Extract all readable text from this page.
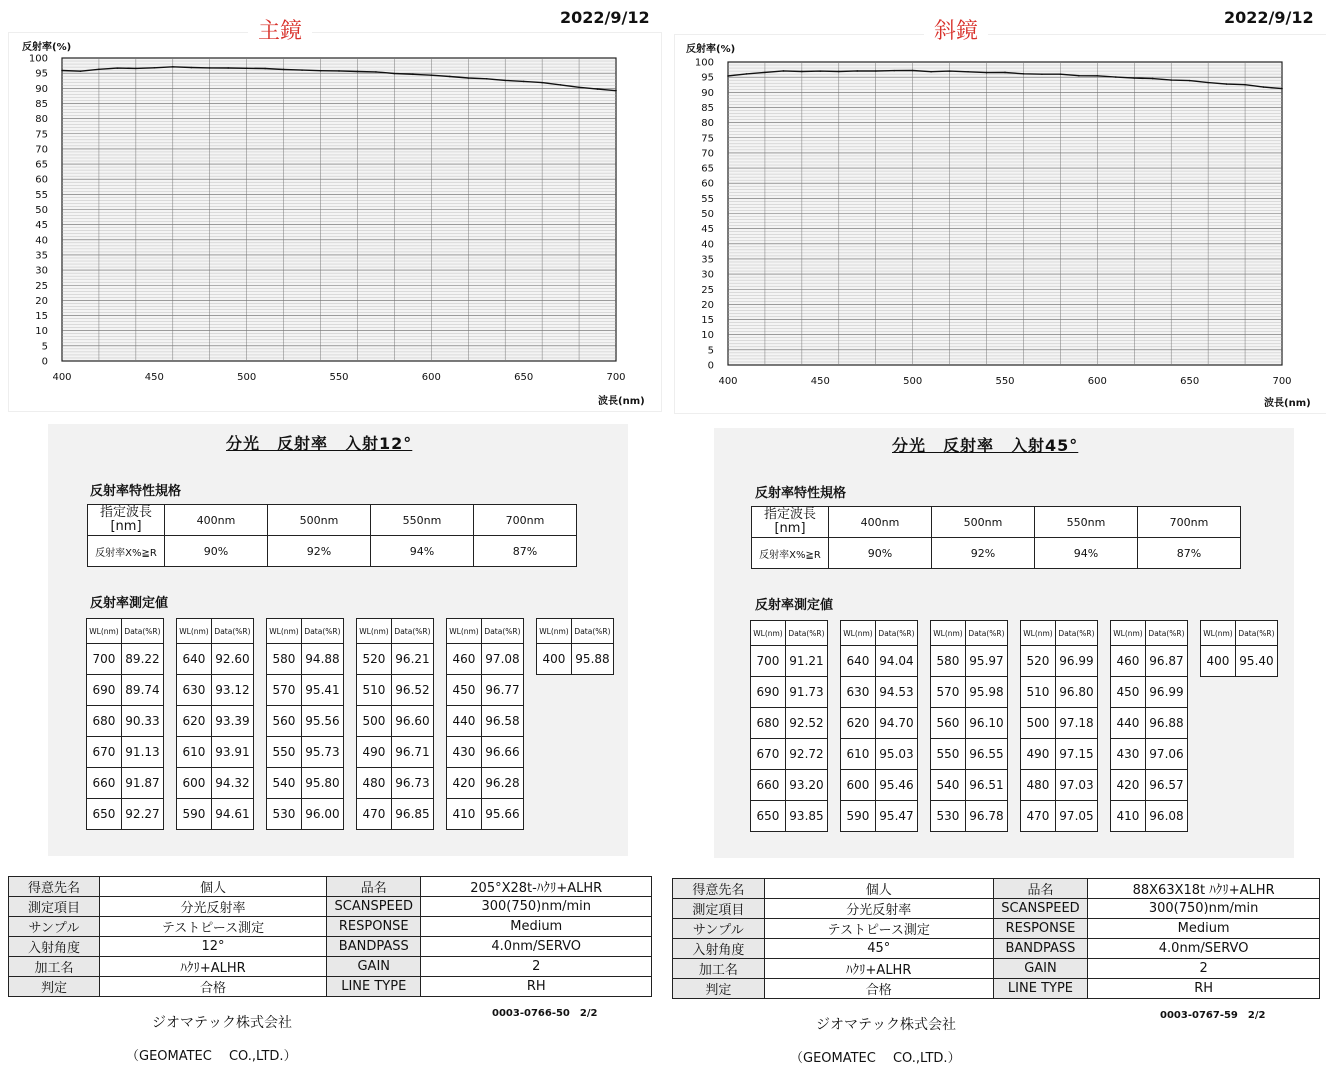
主鏡
2022/9/12
反射率(%)
0
5
10
15
20
25
30
35
40
45
50
55
60
65
70
75
80
85
90
95
100
400	450	500	550	600	650	700
波長(nm)
分光　反射率　入射12°
反射率特性規格
指定波長
[nm]	400nm	500nm	550nm	700nm
反射率X%≧R	90%	92%	94%	87%
反射率測定値
WL(nm)	Data(%R)
700	89.22
690	89.74
680	90.33
670	91.13
660	91.87
650	92.27
WL(nm)	Data(%R)
640	92.60
630	93.12
620	93.39
610	93.91
600	94.32
590	94.61
WL(nm)	Data(%R)
580	94.88
570	95.41
560	95.56
550	95.73
540	95.80
530	96.00
WL(nm)	Data(%R)
520	96.21
510	96.52
500	96.60
490	96.71
480	96.73
470	96.85
WL(nm)	Data(%R)
460	97.08
450	96.77
440	96.58
430	96.66
420	96.28
410	95.66
WL(nm)	Data(%R)
400	95.88
得意先名	個人	品名	205°X28t-ﾊｸﾘ+ALHR
測定項目	分光反射率	SCANSPEED	300(750)nm/min
サンプル	テストピース測定	RESPONSE	Medium
入射角度	12°	BANDPASS	4.0nm/SERVO
加工名	ﾊｸﾘ+ALHR	GAIN	2
判定	合格	LINE TYPE	RH
0003-0766-50　2/2
ジオマテック株式会社
（GEOMATEC　 CO.,LTD.）
斜鏡
2022/9/12
反射率(%)
0
5
10
15
20
25
30
35
40
45
50
55
60
65
70
75
80
85
90
95
100
400	450	500	550	600	650	700
波長(nm)
分光　反射率　入射45°
反射率特性規格
指定波長
[nm]	400nm	500nm	550nm	700nm
反射率X%≧R	90%	92%	94%	87%
反射率測定値
WL(nm)	Data(%R)
700	91.21
690	91.73
680	92.52
670	92.72
660	93.20
650	93.85
WL(nm)	Data(%R)
640	94.04
630	94.53
620	94.70
610	95.03
600	95.46
590	95.47
WL(nm)	Data(%R)
580	95.97
570	95.98
560	96.10
550	96.55
540	96.51
530	96.78
WL(nm)	Data(%R)
520	96.99
510	96.80
500	97.18
490	97.15
480	97.03
470	97.05
WL(nm)	Data(%R)
460	96.87
450	96.99
440	96.88
430	97.06
420	96.57
410	96.08
WL(nm)	Data(%R)
400	95.40
得意先名	個人	品名	88X63X18t ﾊｸﾘ+ALHR
測定項目	分光反射率	SCANSPEED	300(750)nm/min
サンプル	テストピース測定	RESPONSE	Medium
入射角度	45°	BANDPASS	4.0nm/SERVO
加工名	ﾊｸﾘ+ALHR	GAIN	2
判定	合格	LINE TYPE	RH
0003-0767-59　2/2
ジオマテック株式会社
（GEOMATEC　 CO.,LTD.）
